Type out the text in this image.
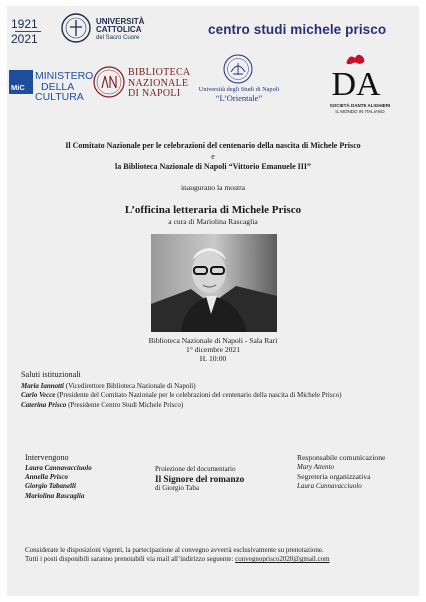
1921
2021
UNIVERSITÀ
CATTOLICA
del Sacro Cuore
centro studi michele prisco
MiC
MINISTERO
DELLA
CULTURA
BIBLIOTECA
NAZIONALE
DI NAPOLI	Università degli Studi di Napoli
“L’Orientale”	DA
SOCIETÀ DANTE ALIGHIERI
IL MONDO IN ITALIANO
Il Comitato Nazionale per le celebrazioni del centenario della nascita di Michele Prisco
e
la Biblioteca Nazionale di Napoli “Vittorio Emanuele III”
inaugurano la mostra
L’officina letteraria di Michele Prisco
a cura di Mariolina Rascaglia
Biblioteca Nazionale di Napoli - Sala Rari
1° dicembre 2021
H. 10:00
Saluti istituzionali
Maria Iannotti (Vicedirettore Biblioteca Nazionale di Napoli)
Carlo Vecce (Presidente del Comitato Nazionale per le celebrazioni del centenario della nascita di Michele Prisco)
Caterina Prisco (Presidente Centro Studi Michele Prisco)
Intervengono
Laura Cannavacciuolo
Annella Prisco
Giorgio Tabanelli
Mariolina Rascaglia
Proiezione del documentario
Il Signore del romanzo
di Giorgio Taba
Responsabile comunicazione
Mary Attento
Segreteria organizzativa
Laura Cannavacciuolo
Considerate le disposizioni vigenti, la partecipazione al convegno avverrà esclusivamente su prenotazione.
Tutti i posti disponibili saranno prenotabili via mail all’indirizzo seguente: convegnoprisco2020@gmail.com
